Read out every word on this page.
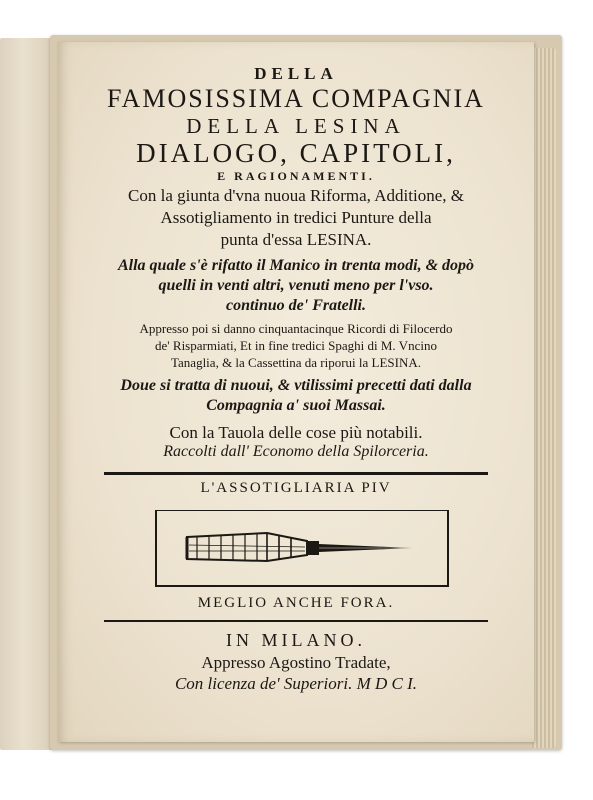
DELLA
FAMOSISSIMA COMPAGNIA
DELLA LESINA
DIALOGO, CAPITOLI,
E RAGIONAMENTI.
Con la giunta d'vna nuoua Riforma, Additione, &
Assotigliamento in tredici Punture della
punta d'essa LESINA.
Alla quale s'è rifatto il Manico in trenta modi, & dopò
quelli in venti altri, venuti meno per l'vso.
continuo de' Fratelli.
Appresso poi si danno cinquantacinque Ricordi di Filocerdo
de' Risparmiati, Et in fine tredici Spaghi di M. Vncino
Tanaglia, & la Cassettina da riporui la LESINA.
Doue si tratta di nuoui, & vtilissimi precetti dati dalla
Compagnia a' suoi Massai.
Con la Tauola delle cose più notabili.
Raccolti dall' Economo della Spilorceria.
L'ASSOTIGLIARIA PIV
MEGLIO ANCHE FORA.
IN MILANO.
Appresso Agostino Tradate,
Con licenza de' Superiori. M D C I.
